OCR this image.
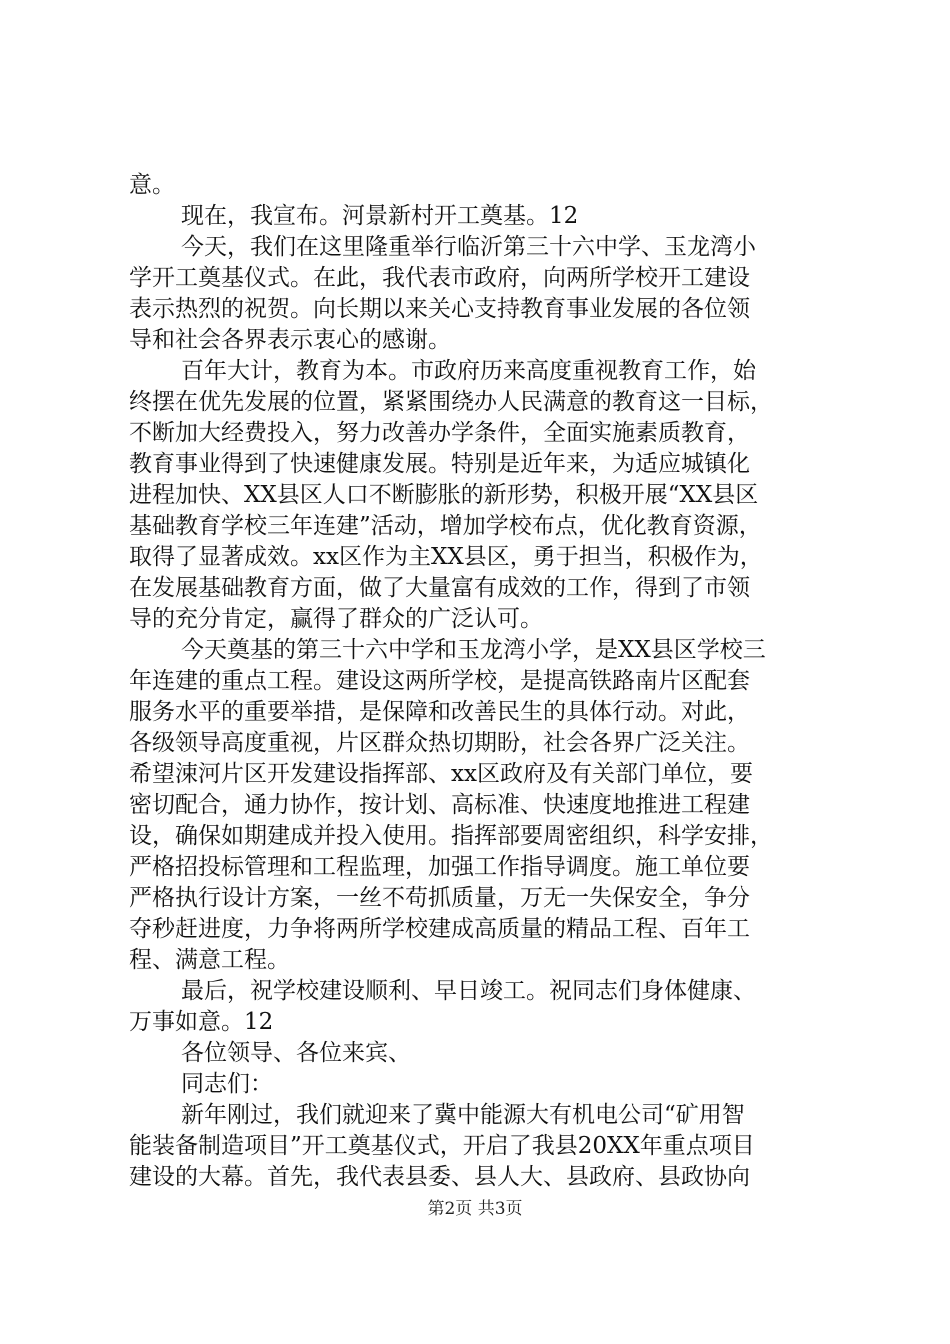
意。
现在，我宣布。河景新村开工奠基。12
今天，我们在这里隆重举行临沂第三十六中学、玉龙湾小
学开工奠基仪式。在此，我代表市政府，向两所学校开工建设
表示热烈的祝贺。向长期以来关心支持教育事业发展的各位领
导和社会各界表示衷心的感谢。
百年大计，教育为本。市政府历来高度重视教育工作，始
终摆在优先发展的位置，紧紧围绕办人民满意的教育这一目标，
不断加大经费投入，努力改善办学条件，全面实施素质教育，
教育事业得到了快速健康发展。特别是近年来，为适应城镇化
进程加快、XX县区人口不断膨胀的新形势，积极开展“XX县区
基础教育学校三年连建”活动，增加学校布点，优化教育资源，
取得了显著成效。xx区作为主XX县区，勇于担当，积极作为，
在发展基础教育方面，做了大量富有成效的工作，得到了市领
导的充分肯定，赢得了群众的广泛认可。
今天奠基的第三十六中学和玉龙湾小学，是XX县区学校三
年连建的重点工程。建设这两所学校，是提高铁路南片区配套
服务水平的重要举措，是保障和改善民生的具体行动。对此，
各级领导高度重视，片区群众热切期盼，社会各界广泛关注。
希望涑河片区开发建设指挥部、xx区政府及有关部门单位，要
密切配合，通力协作，按计划、高标准、快速度地推进工程建
设，确保如期建成并投入使用。指挥部要周密组织，科学安排，
严格招投标管理和工程监理，加强工作指导调度。施工单位要
严格执行设计方案，一丝不苟抓质量，万无一失保安全，争分
夺秒赶进度，力争将两所学校建成高质量的精品工程、百年工
程、满意工程。
最后，祝学校建设顺利、早日竣工。祝同志们身体健康、
万事如意。12
各位领导、各位来宾、
同志们：
新年刚过，我们就迎来了冀中能源大有机电公司“矿用智
能装备制造项目”开工奠基仪式，开启了我县20XX年重点项目
建设的大幕。首先，我代表县委、县人大、县政府、县政协向
第2页 共3页
